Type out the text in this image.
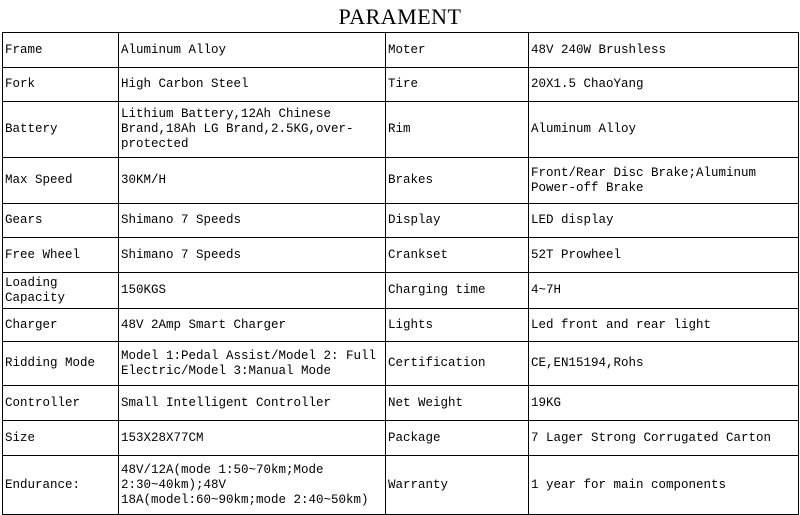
PARAMENT
Frame	Aluminum Alloy	Moter	48V 240W Brushless
Fork	High Carbon Steel	Tire	20X1.5 ChaoYang
Battery	Lithium Battery,12Ah Chinese Brand,18Ah LG Brand,2.5KG,over-protected	Rim	Aluminum Alloy
Max Speed	30KM/H	Brakes	Front/Rear Disc Brake;Aluminum Power-off Brake
Gears	Shimano 7 Speeds	Display	LED display
Free Wheel	Shimano 7 Speeds	Crankset	52T Prowheel
Loading Capacity	150KGS	Charging time	4~7H
Charger	48V 2Amp Smart Charger	Lights	Led front and rear light
Ridding Mode	Model 1:Pedal Assist/Model 2: Full Electric/Model 3:Manual Mode	Certification	CE,EN15194,Rohs
Controller	Small Intelligent Controller	Net Weight	19KG
Size	153X28X77CM	Package	7 Lager Strong Corrugated Carton
Endurance:	48V/12A(mode 1:50~70km;Mode 2:30~40km);48V 18A(model:60~90km;mode 2:40~50km)	Warranty	1 year for main components
